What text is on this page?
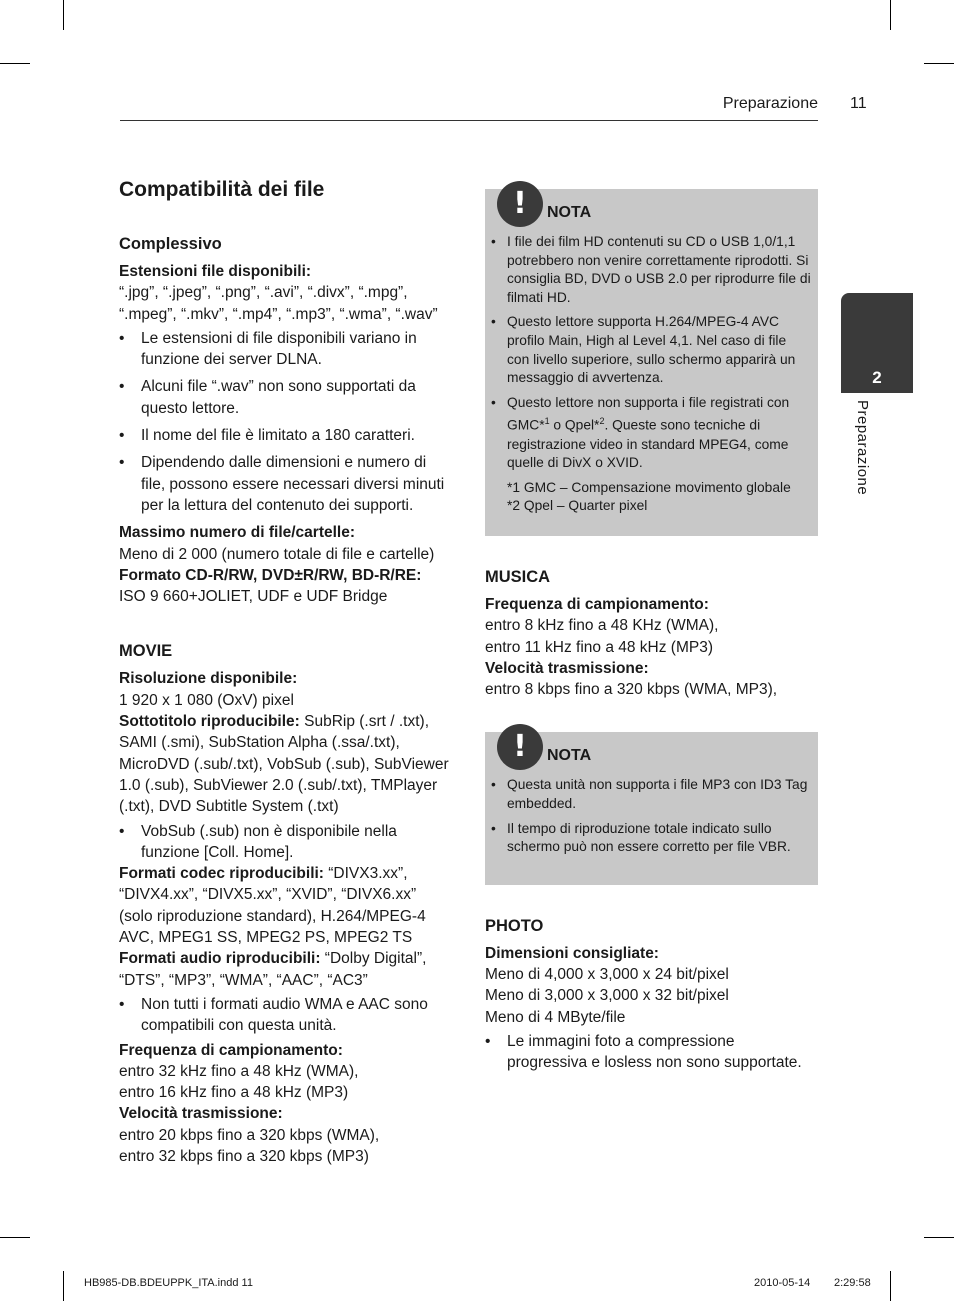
Preparazione 11
2
Preparazione
Compatibilità dei file
Complessivo

Estensioni file disponibili:

“.jpg”, “.jpeg”, “.png”, “.avi”, “.divx”, “.mpg”, “.mpeg”, “.mkv”, “.mp4”, “.mp3”, “.wma”, “.wav”

• Le estensioni di file disponibili variano in funzione dei server DLNA.
• Alcuni file “.wav” non sono supportati da questo lettore.
• Il nome del file è limitato a 180 caratteri.
• Dipendendo dalle dimensioni e numero di file, possono essere necessari diversi minuti per la lettura del contenuto dei supporti.

Massimo numero di file/cartelle:

Meno di 2 000 (numero totale di file e cartelle)

Formato CD-R/RW, DVD±R/RW, BD-R/RE:

ISO 9 660+JOLIET, UDF e UDF Bridge

MOVIE

Risoluzione disponibile:

1 920 x 1 080 (OxV) pixel

Sottotitolo riproducibile: SubRip (.srt / .txt), SAMI (.smi), SubStation Alpha (.ssa/.txt), MicroDVD (.sub/.txt), VobSub (.sub), SubViewer 1.0 (.sub), SubViewer 2.0 (.sub/.txt), TMPlayer (.txt), DVD Subtitle System (.txt)

• VobSub (.sub) non è disponibile nella funzione [Coll. Home].

Formati codec riproducibili: “DIVX3.xx”, “DIVX4.xx”, “DIVX5.xx”, “XVID”, “DIVX6.xx” (solo riproduzione standard), H.264/MPEG-4 AVC, MPEG1 SS, MPEG2 PS, MPEG2 TS

Formati audio riproducibili: “Dolby Digital”, “DTS”, “MP3”, “WMA”, “AAC”, “AC3”

• Non tutti i formati audio WMA e AAC sono compatibili con questa unità.

Frequenza di campionamento:

entro 32 kHz fino a 48 kHz (WMA),

entro 16 kHz fino a 48 kHz (MP3)

Velocità trasmissione:

entro 20 kbps fino a 320 kbps (WMA),

entro 32 kbps fino a 320 kbps (MP3)

!	NOTA
• I file dei film HD contenuti su CD o USB 1,0/1,1 potrebbero non venire correttamente riprodotti. Si consiglia BD, DVD o USB 2.0 per riprodurre file di filmati HD.
• Questo lettore supporta H.264/MPEG-4 AVC profilo Main, High al Level 4,1. Nel caso di file con livello superiore, sullo schermo apparirà un messaggio di avvertenza.
• Questo lettore non supporta i file registrati con GMC*$^1$ o Qpel*$^2$. Queste sono tecniche di registrazione video in standard MPEG4, come quelle di DivX o XVID.

*1 GMC – Compensazione movimento globale

*2 Qpel – Quarter pixel

MUSICA

Frequenza di campionamento:

entro 8 kHz fino a 48 KHz (WMA),

entro 11 kHz fino a 48 kHz (MP3)

Velocità trasmissione:

entro 8 kbps fino a 320 kbps (WMA, MP3),

!	NOTA
• Questa unità non supporta i file MP3 con ID3 Tag embedded.
• Il tempo di riproduzione totale indicato sullo schermo può non essere corretto per file VBR.
PHOTO

Dimensioni consigliate:

Meno di 4,000 x 3,000 x 24 bit/pixel

Meno di 3,000 x 3,000 x 32 bit/pixel

Meno di 4 MByte/file

• Le immagini foto a compressione progressiva e losless non sono supportate.
HB985-DB.BDEUPPK_ITA.indd 11	2010-05-14 2:29:58
